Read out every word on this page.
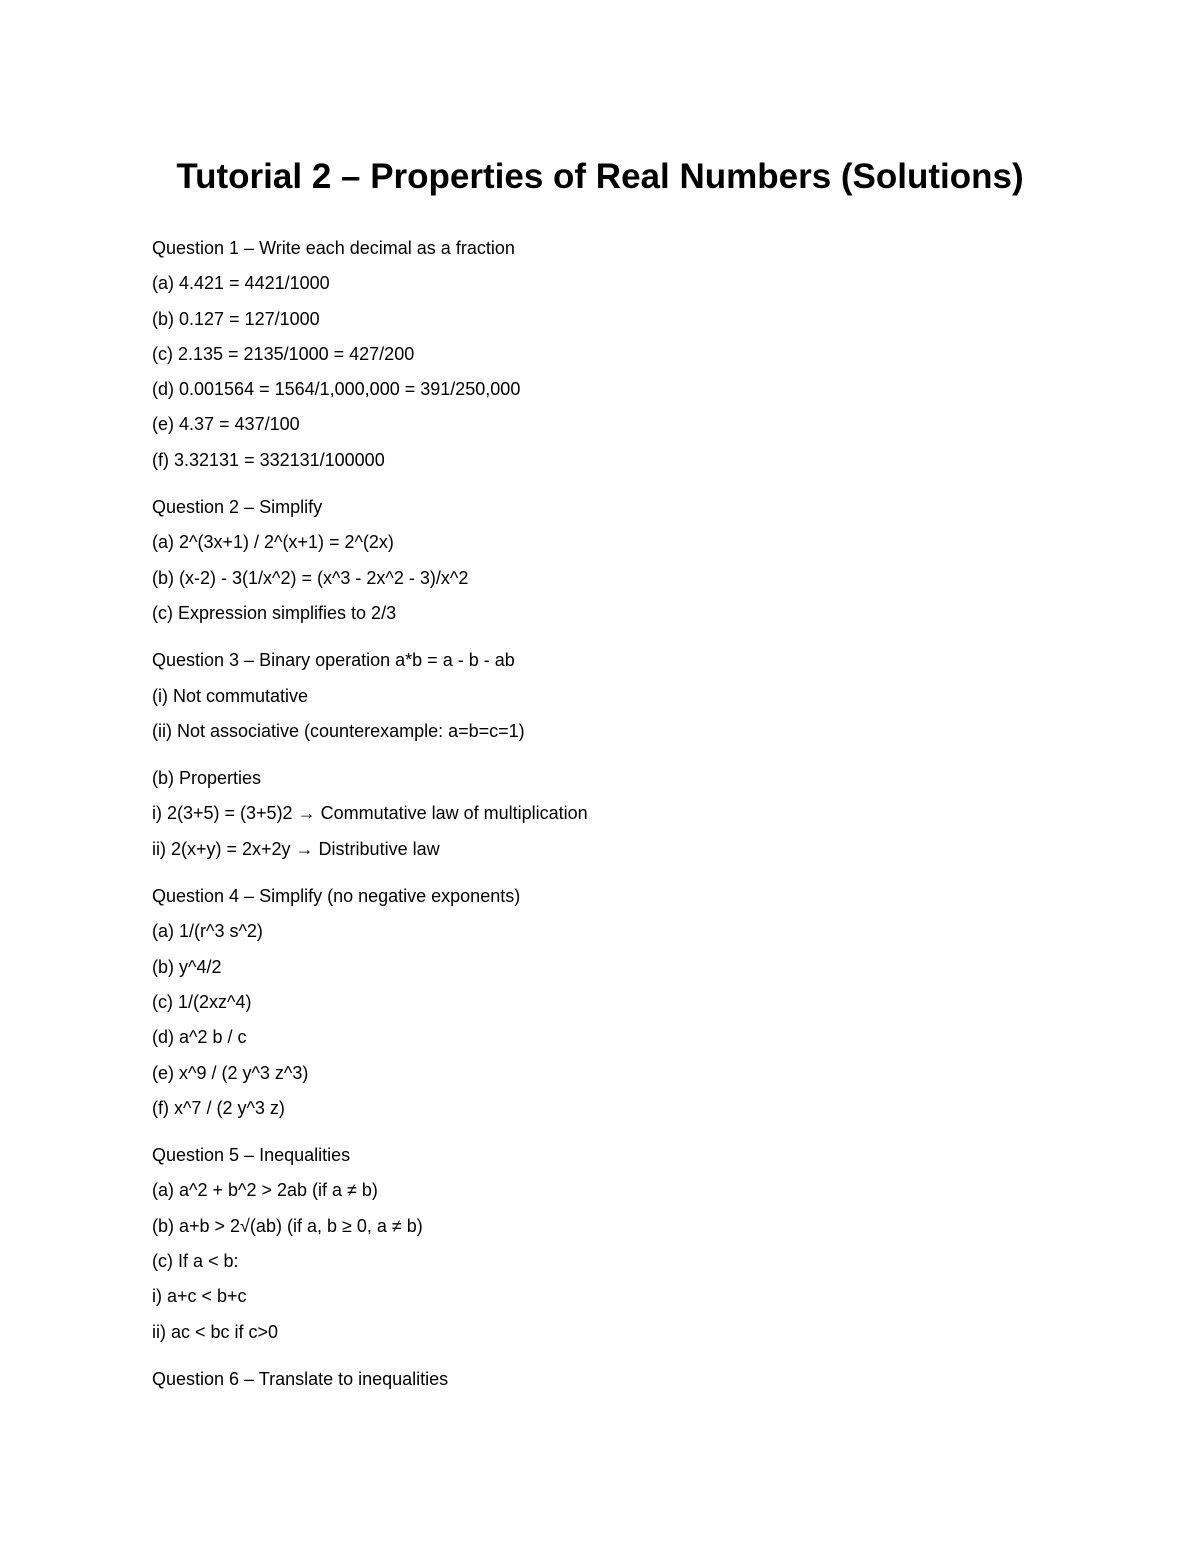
Tutorial 2 – Properties of Real Numbers (Solutions)

Question 1 – Write each decimal as a fraction

(a) 4.421 = 4421/1000

(b) 0.127 = 127/1000

(c) 2.135 = 2135/1000 = 427/200

(d) 0.001564 = 1564/1,000,000 = 391/250,000

(e) 4.37 = 437/100

(f) 3.32131 = 332131/100000

Question 2 – Simplify

(a) 2^(3x+1) / 2^(x+1) = 2^(2x)

(b) (x-2) - 3(1/x^2) = (x^3 - 2x^2 - 3)/x^2

(c) Expression simplifies to 2/3

Question 3 – Binary operation a*b = a - b - ab

(i) Not commutative

(ii) Not associative (counterexample: a=b=c=1)

(b) Properties

i) 2(3+5) = (3+5)2 → Commutative law of multiplication

ii) 2(x+y) = 2x+2y → Distributive law

Question 4 – Simplify (no negative exponents)

(a) 1/(r^3 s^2)

(b) y^4/2

(c) 1/(2xz^4)

(d) a^2 b / c

(e) x^9 / (2 y^3 z^3)

(f) x^7 / (2 y^3 z)

Question 5 – Inequalities

(a) a^2 + b^2 > 2ab (if a ≠ b)

(b) a+b > 2√(ab) (if a, b ≥ 0, a ≠ b)

(c) If a < b:

i) a+c < b+c

ii) ac < bc if c>0

Question 6 – Translate to inequalities
